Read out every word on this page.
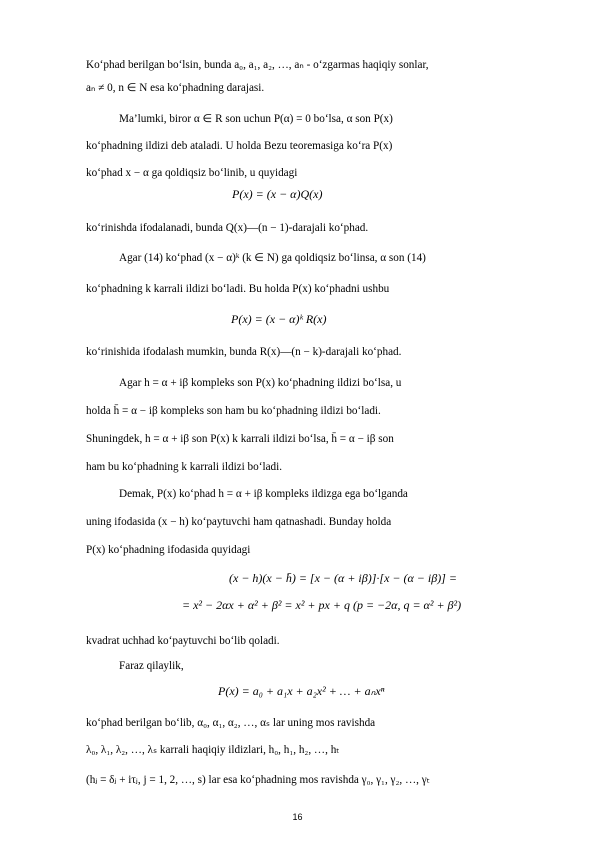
Ko‘phad berilgan bo‘lsin, bunda a₀, a₁, a₂, …, aₙ - o‘zgarmas haqiqiy sonlar,
aₙ ≠ 0, n ∈ N esa ko‘phadning darajasi.
Ma’lumki, biror α ∈ R son uchun P(α) = 0 bo‘lsa, α son P(x)
ko‘phadning ildizi deb ataladi. U holda Bezu teoremasiga ko‘ra P(x)
ko‘phad x − α ga qoldiqsiz bo‘linib, u quyidagi
P(x) = (x − α)Q(x)
ko‘rinishda ifodalanadi, bunda Q(x)—(n − 1)-darajali ko‘phad.
Agar (14) ko‘phad (x − α)ᵏ (k ∈ N) ga qoldiqsiz bo‘linsa, α son (14)
ko‘phadning k karrali ildizi bo‘ladi. Bu holda P(x) ko‘phadni ushbu
P(x) = (x − α)ᵏ R(x)
ko‘rinishida ifodalash mumkin, bunda R(x)—(n − k)-darajali ko‘phad.
Agar h = α + iβ kompleks son P(x) ko‘phadning ildizi bo‘lsa, u
holda h̄ = α − iβ kompleks son ham bu ko‘phadning ildizi bo‘ladi.
Shuningdek, h = α + iβ son P(x) k karrali ildizi bo‘lsa, h̄ = α − iβ son
ham bu ko‘phadning k karrali ildizi bo‘ladi.
Demak, P(x) ko‘phad h = α + iβ kompleks ildizga ega bo‘lganda
uning ifodasida (x − h) ko‘paytuvchi ham qatnashadi. Bunday holda
P(x) ko‘phadning ifodasida quyidagi
(x − h)(x − h̄) = [x − (α + iβ)]·[x − (α − iβ)] =
= x² − 2αx + α² + β² = x² + px + q (p = −2α, q = α² + β²)
kvadrat uchhad ko‘paytuvchi bo‘lib qoladi.
Faraz qilaylik,
P(x) = a₀ + a₁x + a₂x² + … + aₙxⁿ
ko‘phad berilgan bo‘lib, α₀, α₁, α₂, …, αₛ lar uning mos ravishda
λ₀, λ₁, λ₂, …, λₛ karrali haqiqiy ildizlari, h₀, h₁, h₂, …, hₜ
(hⱼ = δⱼ + iτⱼ, j = 1, 2, …, s) lar esa ko‘phadning mos ravishda γ₀, γ₁, γ₂, …, γₜ
16
